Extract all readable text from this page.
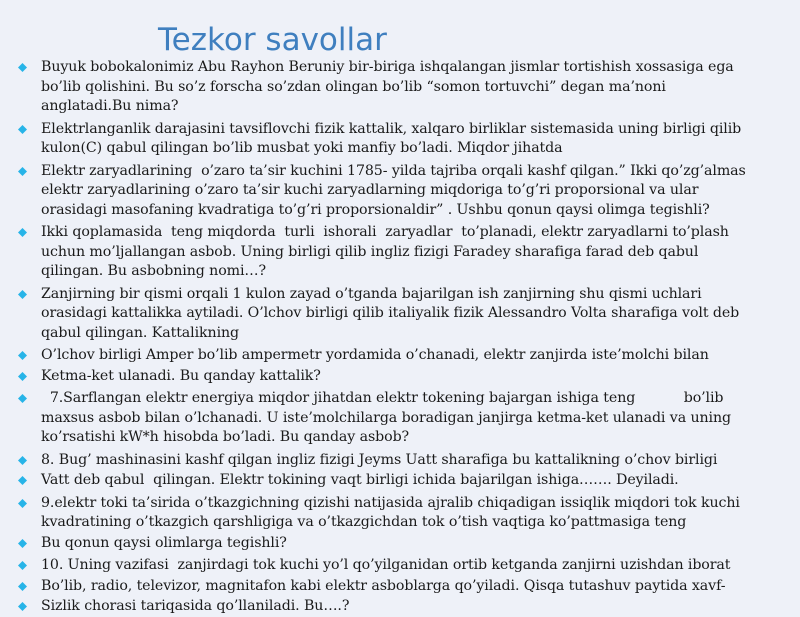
Tezkor savollar
Buyuk bobokalonimiz Abu Rayhon Beruniy bir-biriga ishqalangan jismlar tortishish xossasiga ega
bo’lib qolishini. Bu so’z forscha so’zdan olingan bo’lib “somon tortuvchi” degan ma’noni
anglatadi.Bu nima?
Elektrlanganlik darajasini tavsiflovchi fizik kattalik, xalqaro birliklar sistemasida uning birligi qilib
kulon(C) qabul qilingan bo’lib musbat yoki manfiy bo’ladi. Miqdor jihatda
Elektr zaryadlarining  o’zaro ta’sir kuchini 1785- yilda tajriba orqali kashf qilgan.” Ikki qo’zg’almas
elektr zaryadlarining o’zaro ta’sir kuchi zaryadlarning miqdoriga to’g’ri proporsional va ular
orasidagi masofaning kvadratiga to’g’ri proporsionaldir” . Ushbu qonun qaysi olimga tegishli?
Ikki qoplamasida  teng miqdorda  turli  ishorali  zaryadlar  to’planadi, elektr zaryadlarni to’plash
uchun mo’ljallangan asbob. Uning birligi qilib ingliz fizigi Faradey sharafiga farad deb qabul
qilingan. Bu asbobning nomi…?
Zanjirning bir qismi orqali 1 kulon zayad o’tganda bajarilgan ish zanjirning shu qismi uchlari
orasidagi kattalikka aytiladi. O’lchov birligi qilib italiyalik fizik Alessandro Volta sharafiga volt deb
qabul qilingan. Kattalikning
O’lchov birligi Amper bo’lib ampermetr yordamida o’chanadi, elektr zanjirda iste’molchi bilan
Ketma-ket ulanadi. Bu qanday kattalik?
7.Sarflangan elektr energiya miqdor jihatdan elektr tokening bajargan ishiga teng           bo’lib
maxsus asbob bilan o’lchanadi. U iste’molchilarga boradigan janjirga ketma-ket ulanadi va uning
ko’rsatishi kW*h hisobda bo’ladi. Bu qanday asbob?
8. Bug’ mashinasini kashf qilgan ingliz fizigi Jeyms Uatt sharafiga bu kattalikning o’chov birligi
Vatt deb qabul  qilingan. Elektr tokining vaqt birligi ichida bajarilgan ishiga……. Deyiladi.
9.elektr toki ta’sirida o’tkazgichning qizishi natijasida ajralib chiqadigan issiqlik miqdori tok kuchi
kvadratining o’tkazgich qarshligiga va o’tkazgichdan tok o’tish vaqtiga ko’pattmasiga teng
Bu qonun qaysi olimlarga tegishli?
10. Uning vazifasi  zanjirdagi tok kuchi yo’l qo’yilganidan ortib ketganda zanjirni uzishdan iborat
Bo’lib, radio, televizor, magnitafon kabi elektr asboblarga qo’yiladi. Qisqa tutashuv paytida xavf-
Sizlik chorasi tariqasida qo’llaniladi. Bu….?
